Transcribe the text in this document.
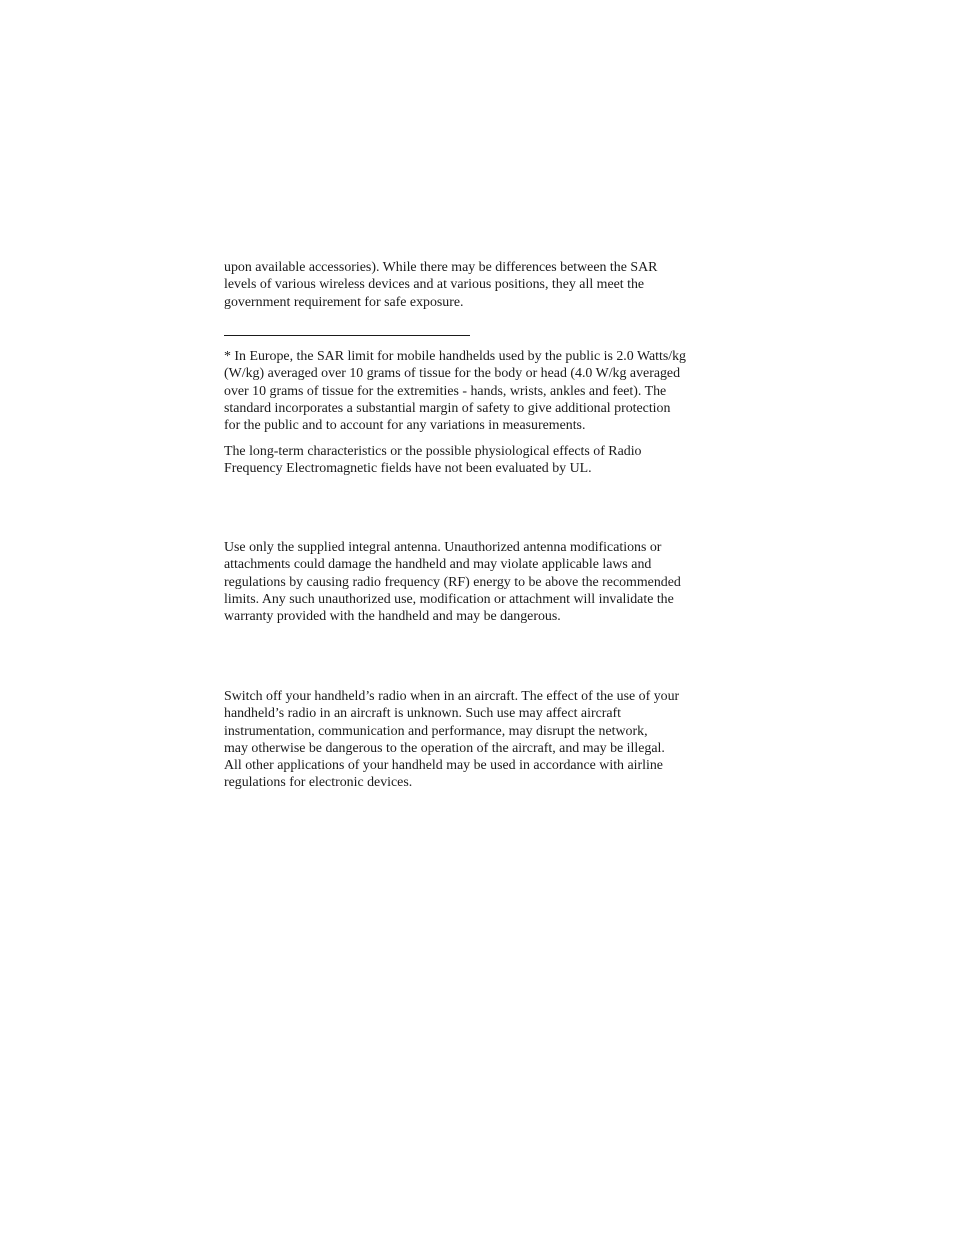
upon available accessories). While there may be differences between the SAR
levels of various wireless devices and at various positions, they all meet the
government requirement for safe exposure.

* In Europe, the SAR limit for mobile handhelds used by the public is 2.0 Watts/kg
(W/kg) averaged over 10 grams of tissue for the body or head (4.0 W/kg averaged
over 10 grams of tissue for the extremities - hands, wrists, ankles and feet). The
standard incorporates a substantial margin of safety to give additional protection
for the public and to account for any variations in measurements.

The long-term characteristics or the possible physiological effects of Radio
Frequency Electromagnetic fields have not been evaluated by UL.

Use only the supplied integral antenna. Unauthorized antenna modifications or
attachments could damage the handheld and may violate applicable laws and
regulations by causing radio frequency (RF) energy to be above the recommended
limits. Any such unauthorized use, modification or attachment will invalidate the
warranty provided with the handheld and may be dangerous.

Switch off your handheld’s radio when in an aircraft. The effect of the use of your
handheld’s radio in an aircraft is unknown. Such use may affect aircraft
instrumentation, communication and performance, may disrupt the network,
may otherwise be dangerous to the operation of the aircraft, and may be illegal.
All other applications of your handheld may be used in accordance with airline
regulations for electronic devices.
